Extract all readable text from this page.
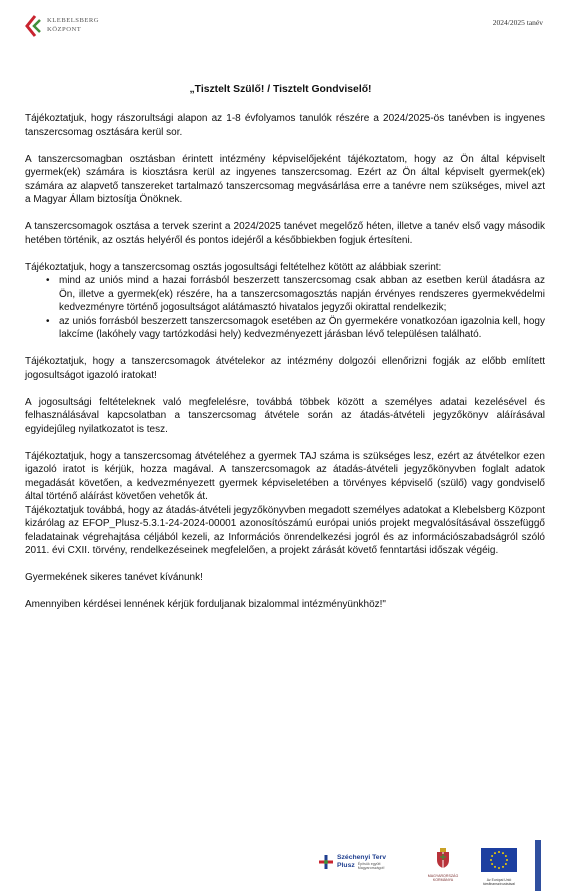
KLEBELSBERG
KÖZPONT
2024/2025 tanév
„Tisztelt Szülő! / Tisztelt Gondviselő!

Tájékoztatjuk, hogy rászorultsági alapon az 1-8 évfolyamos tanulók részére a 2024/2025-ös tanévben is ingyenes tanszercsomag osztására kerül sor.

A tanszercsomagban osztásban érintett intézmény képviselőjeként tájékoztatom, hogy az Ön által képviselt gyermek(ek) számára is kiosztásra kerül az ingyenes tanszercsomag. Ezért az Ön által képviselt gyermek(ek) számára az alapvető tanszereket tartalmazó tanszercsomag megvásárlása erre a tanévre nem szükséges, mivel azt a Magyar Állam biztosítja Önöknek.

A tanszercsomagok osztása a tervek szerint a 2024/2025 tanévet megelőző héten, illetve a tanév első vagy második hetében történik, az osztás helyéről és pontos idejéről a későbbiekben fogjuk értesíteni.

Tájékoztatjuk, hogy a tanszercsomag osztás jogosultsági feltételhez kötött az alábbiak szerint:

• mind az uniós mind a hazai forrásból beszerzett tanszercsomag csak abban az esetben kerül átadásra az Ön, illetve a gyermek(ek) részére, ha a tanszercsomagosztás napján érvényes rendszeres gyermekvédelmi kedvezményre történő jogosultságot alátámasztó hivatalos jegyzői okirattal rendelkezik;
• az uniós forrásból beszerzett tanszercsomagok esetében az Ön gyermekére vonatkozóan igazolnia kell, hogy lakcíme (lakóhely vagy tartózkodási hely) kedvezményezett járásban lévő településen található.

Tájékoztatjuk, hogy a tanszercsomagok átvételekor az intézmény dolgozói ellenőrizni fogják az előbb említett jogosultságot igazoló iratokat!

A jogosultsági feltételeknek való megfelelésre, továbbá többek között a személyes adatai kezelésével és felhasználásával kapcsolatban a tanszercsomag átvétele során az átadás-átvételi jegyzőkönyv aláírásával egyidejűleg nyilatkozatot is tesz.

Tájékoztatjuk, hogy a tanszercsomag átvételéhez a gyermek TAJ száma is szükséges lesz, ezért az átvételkor ezen igazoló iratot is kérjük, hozza magával. A tanszercsomagok az átadás-átvételi jegyzőkönyvben foglalt adatok megadását követően, a kedvezményezett gyermek képviseletében a törvényes képviselő (szülő) vagy gondviselő által történő aláírást követően vehetők át.

Tájékoztatjuk továbbá, hogy az átadás-átvételi jegyzőkönyvben megadott személyes adatokat a Klebelsberg Központ kizárólag az EFOP_Plusz-5.3.1-24-2024-00001 azonosítószámú európai uniós projekt megvalósításával összefüggő feladatainak végrehajtása céljából kezeli, az Információs önrendelkezési jogról és az információszabadságról szóló 2011. évi CXII. törvény, rendelkezéseinek megfelelően, a projekt zárását követő fenntartási időszak végéig.

Gyermekének sikeres tanévet kívánunk!

Amennyiben kérdései lennének kérjük forduljanak bizalommal intézményünkhöz!"

Széchenyi Terv
Plusz Építsük együtt
Magyarországot!
MAGYARORSZÁG
KORMÁNYA	Az Európai Unió
társfinanszírozásával
